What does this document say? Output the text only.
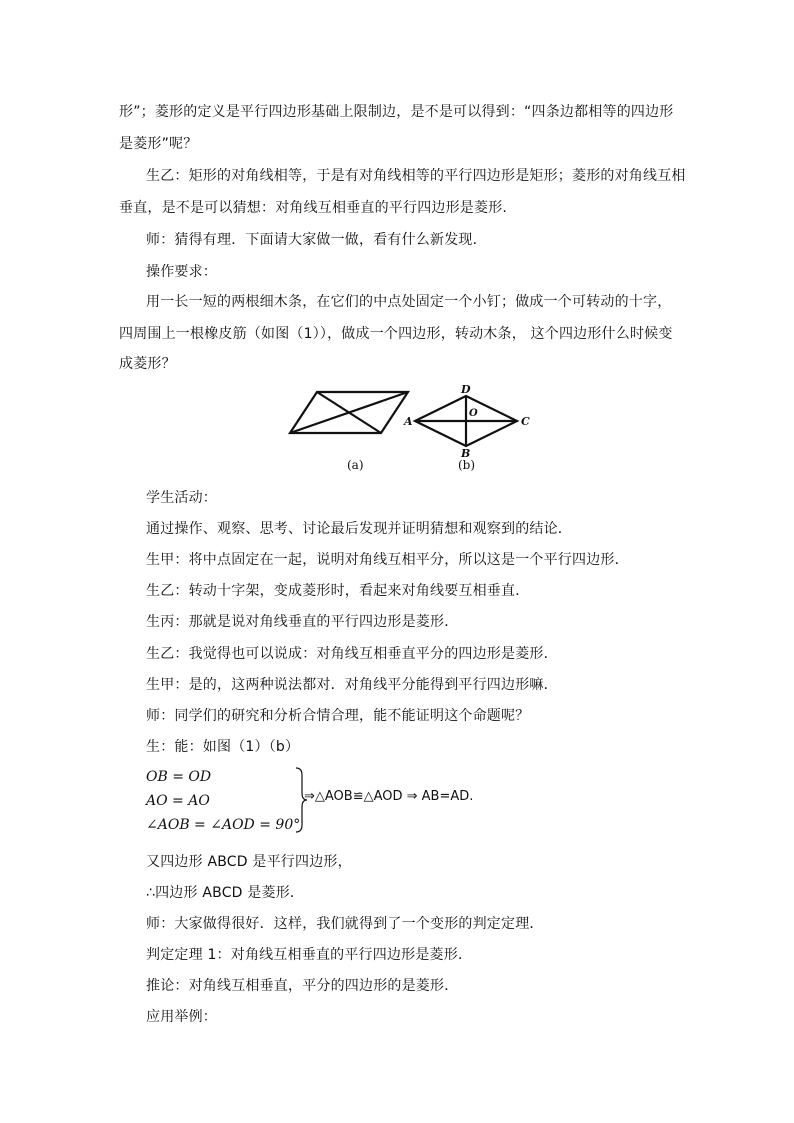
形”；菱形的定义是平行四边形基础上限制边，是不是可以得到：“四条边都相等的四边形
是菱形”呢？
生乙：矩形的对角线相等，于是有对角线相等的平行四边形是矩形；菱形的对角线互相
垂直，是不是可以猜想：对角线互相垂直的平行四边形是菱形.
师：猜得有理．下面请大家做一做，看有什么新发现．
操作要求：
用一长一短的两根细木条，在它们的中点处固定一个小钉；做成一个可转动的十字，
四周围上一根橡皮筋（如图（1）），做成一个四边形，转动木条， 这个四边形什么时候变
成菱形？
(a)
A	C
D
B
O
(b)
学生活动：
通过操作、观察、思考、讨论最后发现并证明猜想和观察到的结论．
生甲：将中点固定在一起，说明对角线互相平分，所以这是一个平行四边形．
生乙：转动十字架，变成菱形时，看起来对角线要互相垂直．
生丙：那就是说对角线垂直的平行四边形是菱形．
生乙：我觉得也可以说成：对角线互相垂直平分的四边形是菱形．
生甲：是的，这两种说法都对．对角线平分能得到平行四边形嘛．
师：同学们的研究和分析合情合理，能不能证明这个命题呢？
生：能：如图（1）（b）
OB = OD
AO = AO
∠AOB = ∠AOD = 90°
⇒△AOB≌△AOD ⇒ AB=AD.
又四边形 ABCD 是平行四边形，
∴四边形 ABCD 是菱形．
师：大家做得很好．这样，我们就得到了一个变形的判定定理．
判定定理 1：对角线互相垂直的平行四边形是菱形．
推论：对角线互相垂直，平分的四边形的是菱形．
应用举例：
